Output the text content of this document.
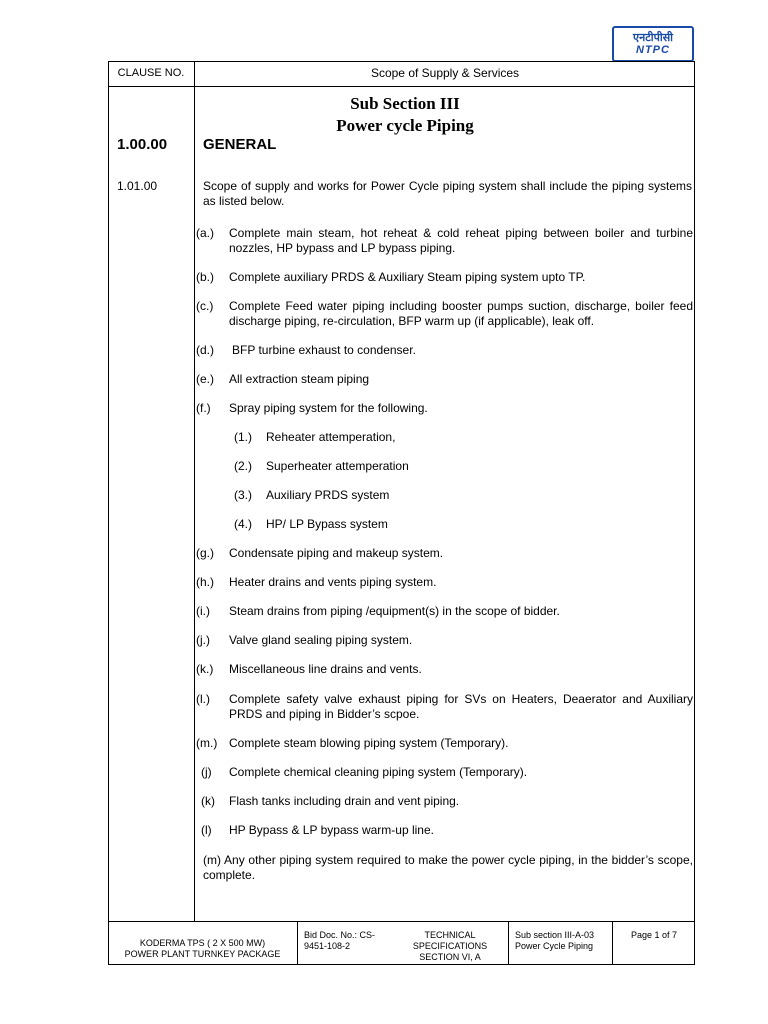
एनटीपीसी
NTPC
CLAUSE NO.	Scope of Supply & Services
Sub Section III
Power cycle Piping
1.00.00 GENERAL
1.01.00	Scope of supply and works for Power Cycle piping system shall include the piping systems as listed below.
(a.) Complete main steam, hot reheat & cold reheat piping between boiler and turbine nozzles, HP bypass and LP bypass piping.
(b.) Complete auxiliary PRDS & Auxiliary Steam piping system upto TP.
(c.) Complete Feed water piping including booster pumps suction, discharge, boiler feed discharge piping, re-circulation, BFP warm up (if applicable), leak off.
(d.) BFP turbine exhaust to condenser.
(e.) All extraction steam piping
(f.) Spray piping system for the following.
(1.) Reheater attemperation,
(2.) Superheater attemperation
(3.) Auxiliary PRDS system
(4.) HP/ LP Bypass system
(g.) Condensate piping and makeup system.
(h.) Heater drains and vents piping system.
(i.) Steam drains from piping /equipment(s) in the scope of bidder.
(j.) Valve gland sealing piping system.
(k.) Miscellaneous line drains and vents.
(l.) Complete safety valve exhaust piping for SVs on Heaters, Deaerator and Auxiliary PRDS and piping in Bidder’s scpoe.
(m.) Complete steam blowing piping system (Temporary).
(j) Complete chemical cleaning piping system (Temporary).
(k) Flash tanks including drain and vent piping.
(l) HP Bypass & LP bypass warm-up line.
(m) Any other piping system required to make the power cycle piping, in the bidder’s scope, complete.
KODERMA TPS ( 2 X 500 MW)
POWER PLANT TURNKEY PACKAGE
Bid Doc. No.: CS-
9451-108-2
TECHNICAL
SPECIFICATIONS
SECTION VI, A
Sub section III-A-03
Power Cycle Piping
Page 1 of 7
